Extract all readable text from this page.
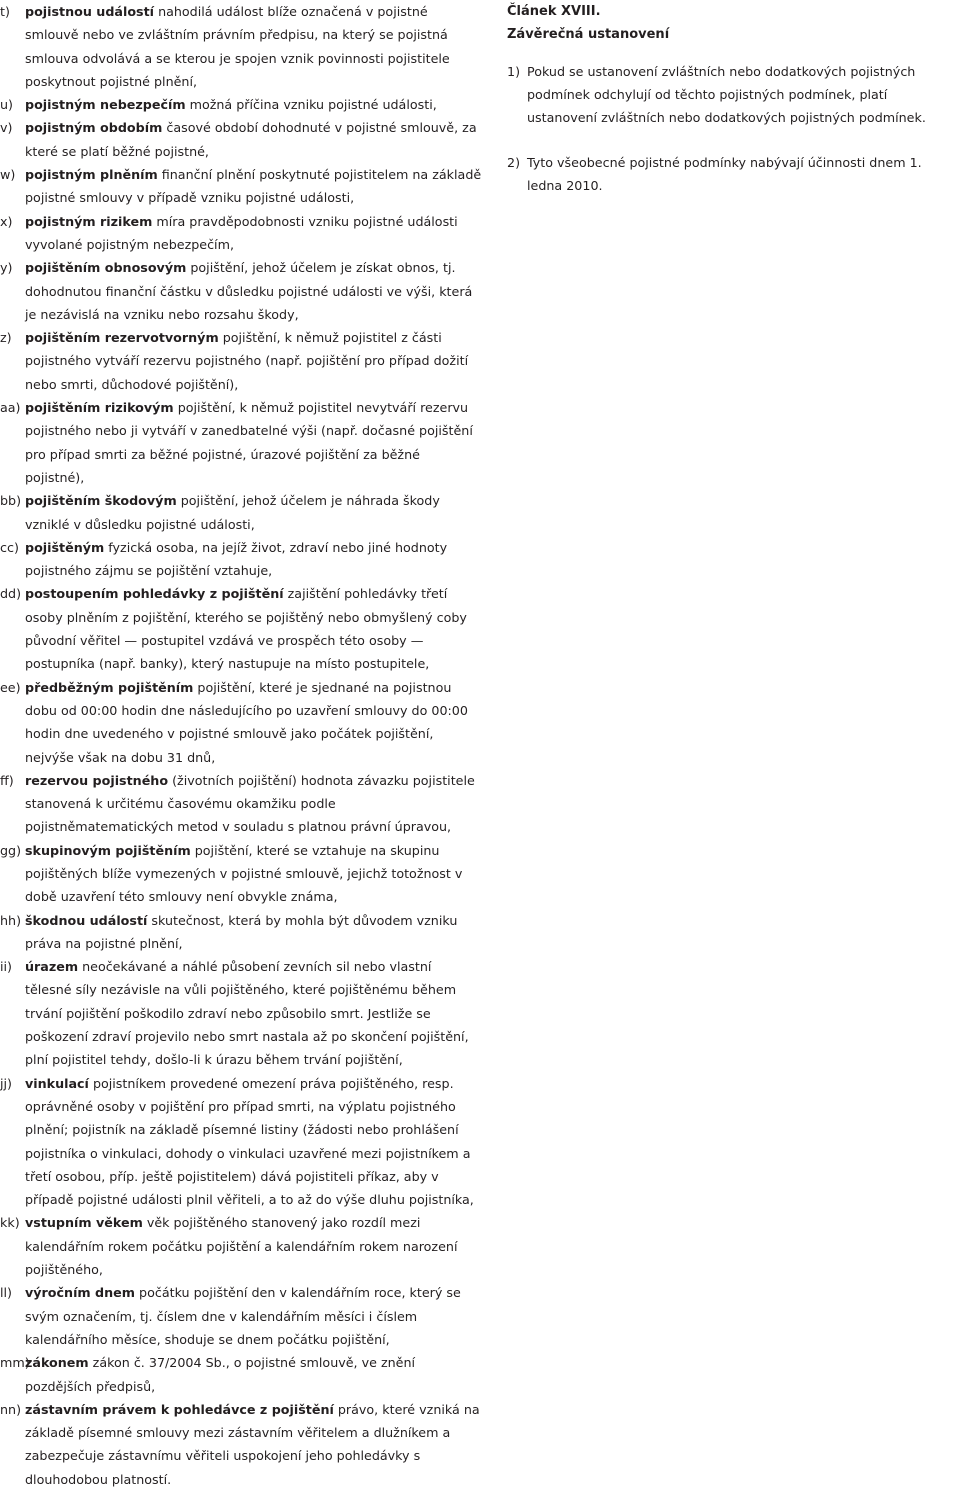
t) pojistnou událostí nahodilá událost blíže označená v pojistné smlouvě nebo ve zvláštním právním předpisu, na který se pojistná smlouva odvolává a se kterou je spojen vznik povinnosti pojistitele poskytnout pojistné plnění,
u) pojistným nebezpečím možná příčina vzniku pojistné události,
v) pojistným obdobím časové období dohodnuté v pojistné smlouvě, za které se platí běžné pojistné,
w) pojistným plněním finanční plnění poskytnuté pojistitelem na základě pojistné smlouvy v případě vzniku pojistné události,
x) pojistným rizikem míra pravděpodobnosti vzniku pojistné události vyvolané pojistným nebezpečím,
y) pojištěním obnosovým pojištění, jehož účelem je získat obnos, tj. dohodnutou finanční částku v důsledku pojistné události ve výši, která je nezávislá na vzniku nebo rozsahu škody,
z) pojištěním rezervotvorným pojištění, k němuž pojistitel z části pojistného vytváří rezervu pojistného (např. pojištění pro případ dožití nebo smrti, důchodové pojištění),
aa) pojištěním rizikovým pojištění, k němuž pojistitel nevytváří rezervu pojistného nebo ji vytváří v zanedbatelné výši (např. dočasné pojištění pro případ smrti za běžné pojistné, úrazové pojištění za běžné pojistné),
bb) pojištěním škodovým pojištění, jehož účelem je náhrada škody vzniklé v důsledku pojistné události,
cc) pojištěným fyzická osoba, na jejíž život, zdraví nebo jiné hodnoty pojistného zájmu se pojištění vztahuje,
dd) postoupením pohledávky z pojištění zajištění pohledávky třetí osoby plněním z pojištění, kterého se pojištěný nebo obmyšlený coby původní věřitel — postupitel vzdává ve prospěch této osoby — postupníka (např. banky), který nastupuje na místo postupitele,
ee) předběžným pojištěním pojištění, které je sjednané na pojistnou dobu od 00:00 hodin dne následujícího po uzavření smlouvy do 00:00 hodin dne uvedeného v pojistné smlouvě jako počátek pojištění, nejvýše však na dobu 31 dnů,
ff) rezervou pojistného (životních pojištění) hodnota závazku pojistitele stanovená k určitému časovému okamžiku podle pojistněmatematických metod v souladu s platnou právní úpravou,
gg) skupinovým pojištěním pojištění, které se vztahuje na skupinu pojištěných blíže vymezených v pojistné smlouvě, jejichž totožnost v době uzavření této smlouvy není obvykle známa,
hh) škodnou událostí skutečnost, která by mohla být důvodem vzniku práva na pojistné plnění,
ii) úrazem neočekávané a náhlé působení zevních sil nebo vlastní tělesné síly nezávisle na vůli pojištěného, které pojištěnému během trvání pojištění poškodilo zdraví nebo způsobilo smrt. Jestliže se poškození zdraví projevilo nebo smrt nastala až po skončení pojištění, plní pojistitel tehdy, došlo-li k úrazu během trvání pojištění,
jj) vinkulací pojistníkem provedené omezení práva pojištěného, resp. oprávněné osoby v pojištění pro případ smrti, na výplatu pojistného plnění; pojistník na základě písemné listiny (žádosti nebo prohlášení pojistníka o vinkulaci, dohody o vinkulaci uzavřené mezi pojistníkem a třetí osobou, příp. ještě pojistitelem) dává pojistiteli příkaz, aby v případě pojistné události plnil věřiteli, a to až do výše dluhu pojistníka,
kk) vstupním věkem věk pojištěného stanovený jako rozdíl mezi kalendářním rokem počátku pojištění a kalendářním rokem narození pojištěného,
ll) výročním dnem počátku pojištění den v kalendářním roce, který se svým označením, tj. číslem dne v kalendářním měsíci i číslem kalendářního měsíce, shoduje se dnem počátku pojištění,
mm)
zákonem zákon č. 37/2004 Sb., o pojistné smlouvě, ve znění pozdějších předpisů,
nn) zástavním právem k pohledávce z pojištění právo, které vzniká na základě písemné smlouvy mezi zástavním věřitelem a dlužníkem a zabezpečuje zástavnímu věřiteli uspokojení jeho pohledávky s dlouhodobou platností.
Článek XVIII.
Závěrečná ustanovení
1) Pokud se ustanovení zvláštních nebo dodatkových pojistných podmínek odchylují od těchto pojistných podmínek, platí ustanovení zvláštních nebo dodatkových pojistných podmínek.
2) Tyto všeobecné pojistné podmínky nabývají účinnosti dnem 1. ledna 2010.
